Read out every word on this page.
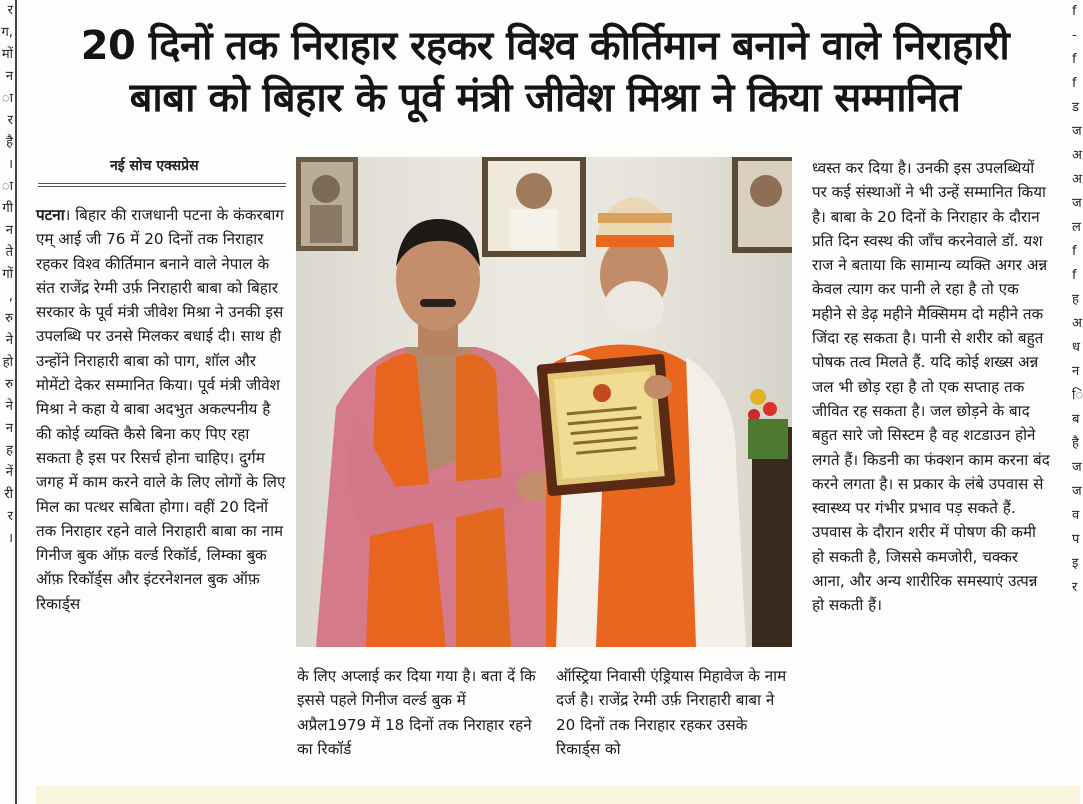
र
ग,
मों
न
ा
र
है
।
ा
गी
न
ते
गों
,
रु
ने
हो
रु
ने
न
ह
नें
री
र
।
f
-
f
f
ड
ज
अ
अ
ज
ल
f
f
ह
अ
ध
न
ि
ब
है
ज
ज
व
प
इ
र
20 दिनों तक निराहार रहकर विश्व कीर्तिमान बनाने वाले निराहारी
बाबा को बिहार के पूर्व मंत्री जीवेश मिश्रा ने किया सम्मानित
नई सोच एक्सप्रेस

पटना। बिहार की राजधानी पटना के कंकरबाग एम् आई जी 76 में 20 दिनों तक निराहार रहकर विश्व कीर्तिमान बनाने वाले नेपाल के संत राजेंद्र रेग्मी उर्फ़ निराहारी बाबा को बिहार सरकार के पूर्व मंत्री जीवेश मिश्रा ने उनकी इस उपलब्धि पर उनसे मिलकर बधाई दी। साथ ही उन्होंने निराहारी बाबा को पाग, शॉल और मोमेंटो देकर सम्मानित किया। पूर्व मंत्री जीवेश मिश्रा ने कहा ये बाबा अदभुत अकल्पनीय है की कोई व्यक्ति कैसे बिना कए पिए रहा सकता है इस पर रिसर्च होना चाहिए। दुर्गम जगह में काम करने वाले के लिए लोगों के लिए मिल का पत्थर सबिता होगा। वहीं 20 दिनों तक निराहार रहने वाले निराहारी बाबा का नाम गिनीज बुक ऑफ़ वर्ल्ड रिकॉर्ड, लिम्का बुक ऑफ़ रिकॉर्ड्स और इंटरनेशनल बुक ऑफ़ रिकार्ड्स

के लिए अप्लाई कर दिया गया है। बता दें कि इससे पहले गिनीज वर्ल्ड बुक में अप्रैल1979 में 18 दिनों तक निराहार रहने का रिकॉर्ड
ऑस्ट्रिया निवासी एंड्रियास मिहावेज के नाम दर्ज है। राजेंद्र रेग्मी उर्फ़ निराहारी बाबा ने 20 दिनों तक निराहार रहकर उसके रिकार्ड्स को
ध्वस्त कर दिया है। उनकी इस उपलब्धियों पर कई संस्थाओं ने भी उन्हें सम्मानित किया है। बाबा के 20 दिनों के निराहार के दौरान प्रति दिन स्वस्थ की जाँच करनेवाले डॉ. यश राज ने बताया कि सामान्य व्यक्ति अगर अन्न केवल त्याग कर पानी ले रहा है तो एक महीने से डेढ़ महीने मैक्सिमम दो महीने तक जिंदा रह सकता है। पानी से शरीर को बहुत पोषक तत्व मिलते हैं. यदि कोई शख्स अन्न जल भी छोड़ रहा है तो एक सप्ताह तक जीवित रह सकता है। जल छोड़ने के बाद बहुत सारे जो सिस्टम है वह शटडाउन होने लगते हैं। किडनी का फंक्शन काम करना बंद करने लगता है। स प्रकार के लंबे उपवास से स्वास्थ्य पर गंभीर प्रभाव पड़ सकते हैं. उपवास के दौरान शरीर में पोषण की कमी हो सकती है, जिससे कमजोरी, चक्कर आना, और अन्य शारीरिक समस्याएं उत्पन्न हो सकती हैं।
